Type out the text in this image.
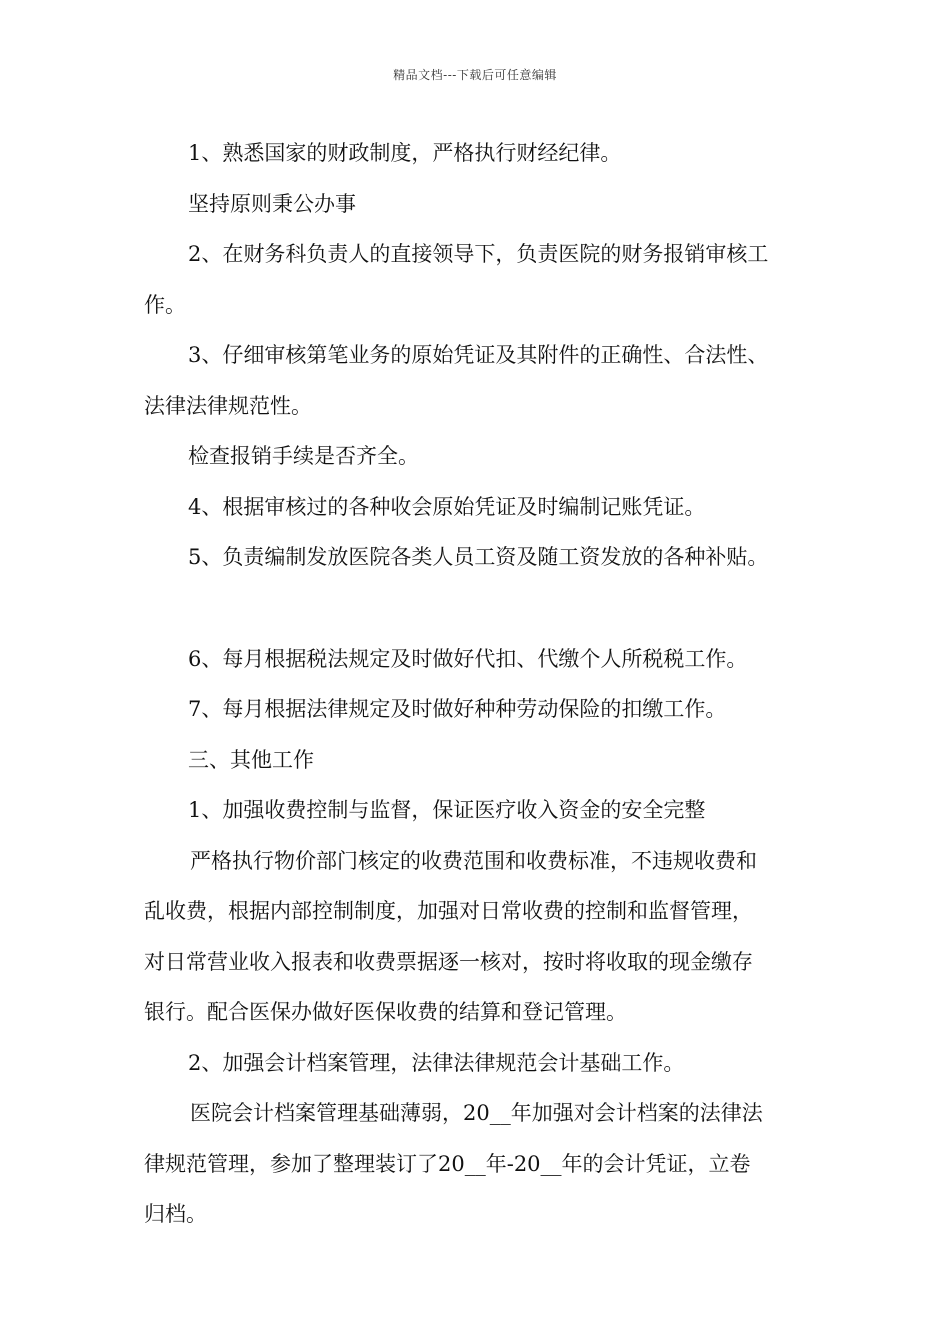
精品文档---下载后可任意编辑
1、熟悉国家的财政制度，严格执行财经纪律。
坚持原则秉公办事
2、在财务科负责人的直接领导下，负责医院的财务报销审核工
作。
3、仔细审核第笔业务的原始凭证及其附件的正确性、合法性、
法律法律规范性。
检查报销手续是否齐全。
4、根据审核过的各种收会原始凭证及时编制记账凭证。
5、负责编制发放医院各类人员工资及随工资发放的各种补贴。
6、每月根据税法规定及时做好代扣、代缴个人所税税工作。
7、每月根据法律规定及时做好种种劳动保险的扣缴工作。
三、其他工作
1、加强收费控制与监督，保证医疗收入资金的安全完整
严格执行物价部门核定的收费范围和收费标准，不违规收费和
乱收费，根据内部控制制度，加强对日常收费的控制和监督管理，
对日常营业收入报表和收费票据逐一核对，按时将收取的现金缴存
银行。配合医保办做好医保收费的结算和登记管理。
2、加强会计档案管理，法律法律规范会计基础工作。
医院会计档案管理基础薄弱，20__年加强对会计档案的法律法
律规范管理，参加了整理装订了20__年-20__年的会计凭证，立卷
归档。
